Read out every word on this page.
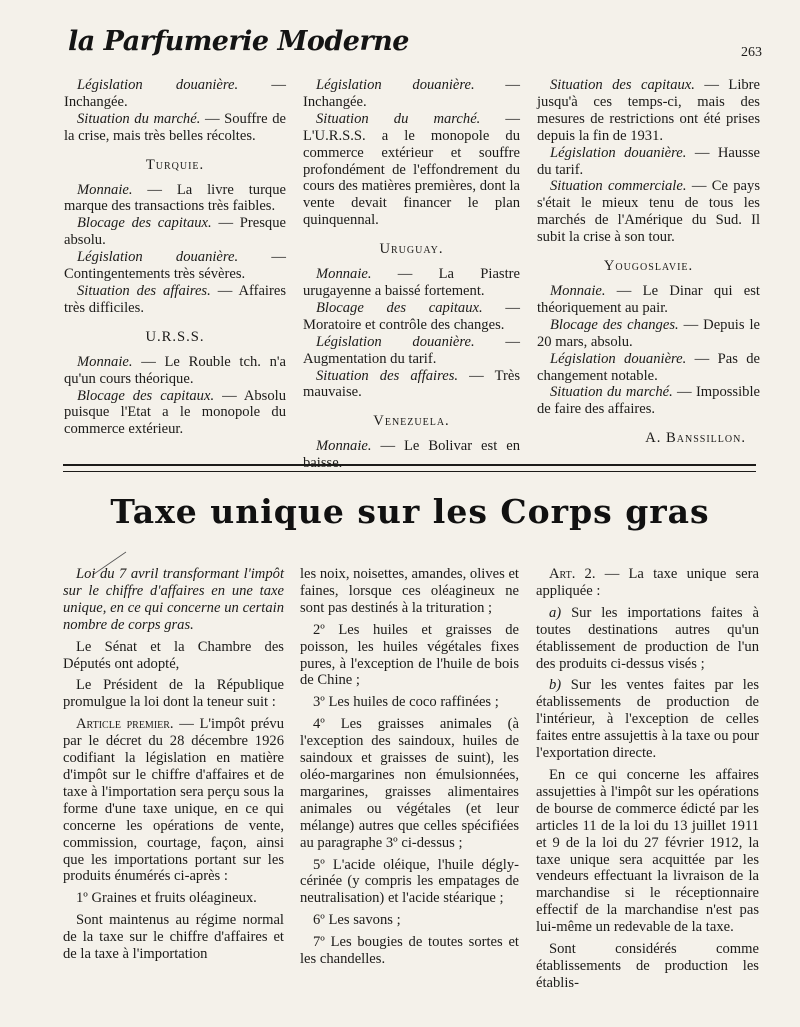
la Parfumerie Moderne	263

Législation douanière. — Inchangée.

Situation du marché. — Souffre de la crise, mais très belles récoltes.

Turquie.

Monnaie. — La livre turque marque des transactions très faibles.

Blocage des capitaux. — Presque absolu.

Législation douanière. — Contingentements très sévères.

Situation des affaires. — Affaires très difficiles.

U.R.S.S.

Monnaie. — Le Rouble tch. n'a qu'un cours théorique.

Blocage des capitaux. — Absolu puisque l'Etat a le monopole du commerce extérieur.

Législation douanière. — Inchangée.

Situation du marché. — L'U.R.S.S. a le monopole du commerce extérieur et souffre profondément de l'effondrement du cours des matières premières, dont la vente devait financer le plan quinquennal.

Uruguay.

Monnaie. — La Piastre urugayenne a baissé fortement.

Blocage des capitaux. — Moratoire et contrôle des changes.

Législation douanière. — Augmentation du tarif.

Situation des affaires. — Très mauvaise.

Venezuela.

Monnaie. — Le Bolivar est en baisse.

Situation des capitaux. — Libre jusqu'à ces temps-ci, mais des mesures de restrictions ont été prises depuis la fin de 1931.

Législation douanière. — Hausse du tarif.

Situation commerciale. — Ce pays s'était le mieux tenu de tous les marchés de l'Amérique du Sud. Il subit la crise à son tour.

Yougoslavie.

Monnaie. — Le Dinar qui est théoriquement au pair.

Blocage des changes. — Depuis le 20 mars, absolu.

Législation douanière. — Pas de changement notable.

Situation du marché. — Impossible de faire des affaires.

A. Banssillon.

Taxe unique sur les Corps gras

Loi du 7 avril transformant l'impôt sur le chiffre d'affaires en une taxe unique, en ce qui concerne un certain nombre de corps gras.

Le Sénat et la Chambre des Députés ont adopté,

Le Président de la République promulgue la loi dont la teneur suit :

Article premier. — L'impôt prévu par le décret du 28 décembre 1926 codifiant la législation en matière d'impôt sur le chiffre d'affaires et de taxe à l'importation sera perçu sous la forme d'une taxe unique, en ce qui concerne les opérations de vente, commission, courtage, façon, ainsi que les importations portant sur les produits énumérés ci-après :

1º Graines et fruits oléagineux.

Sont maintenus au régime normal de la taxe sur le chiffre d'affaires et de la taxe à l'importation

les noix, noisettes, amandes, olives et faines, lorsque ces oléagineux ne sont pas destinés à la trituration ;

2º Les huiles et graisses de poisson, les huiles végétales fixes pures, à l'exception de l'huile de bois de Chine ;

3º Les huiles de coco raffinées ;

4º Les graisses animales (à l'exception des saindoux, huiles de saindoux et graisses de suint), les oléo-margarines non émulsionnées, margarines, graisses alimentaires animales ou végétales (et leur mélange) autres que celles spécifiées au paragraphe 3º ci-dessus ;

5º L'acide oléique, l'huile déglycérinée (y compris les empatages de neutralisation) et l'acide stéarique ;

6º Les savons ;

7º Les bougies de toutes sortes et les chandelles.

Art. 2. — La taxe unique sera appliquée :

a) Sur les importations faites à toutes destinations autres qu'un établissement de production de l'un des produits ci-dessus visés ;

b) Sur les ventes faites par les établissements de production de l'intérieur, à l'exception de celles faites entre assujettis à la taxe ou pour l'exportation directe.

En ce qui concerne les affaires assujetties à l'impôt sur les opérations de bourse de commerce édicté par les articles 11 de la loi du 13 juillet 1911 et 9 de la loi du 27 février 1912, la taxe unique sera acquittée par les vendeurs effectuant la livraison de la marchandise si le réceptionnaire effectif de la marchandise n'est pas lui-même un redevable de la taxe.

Sont considérés comme établissements de production les établis-
